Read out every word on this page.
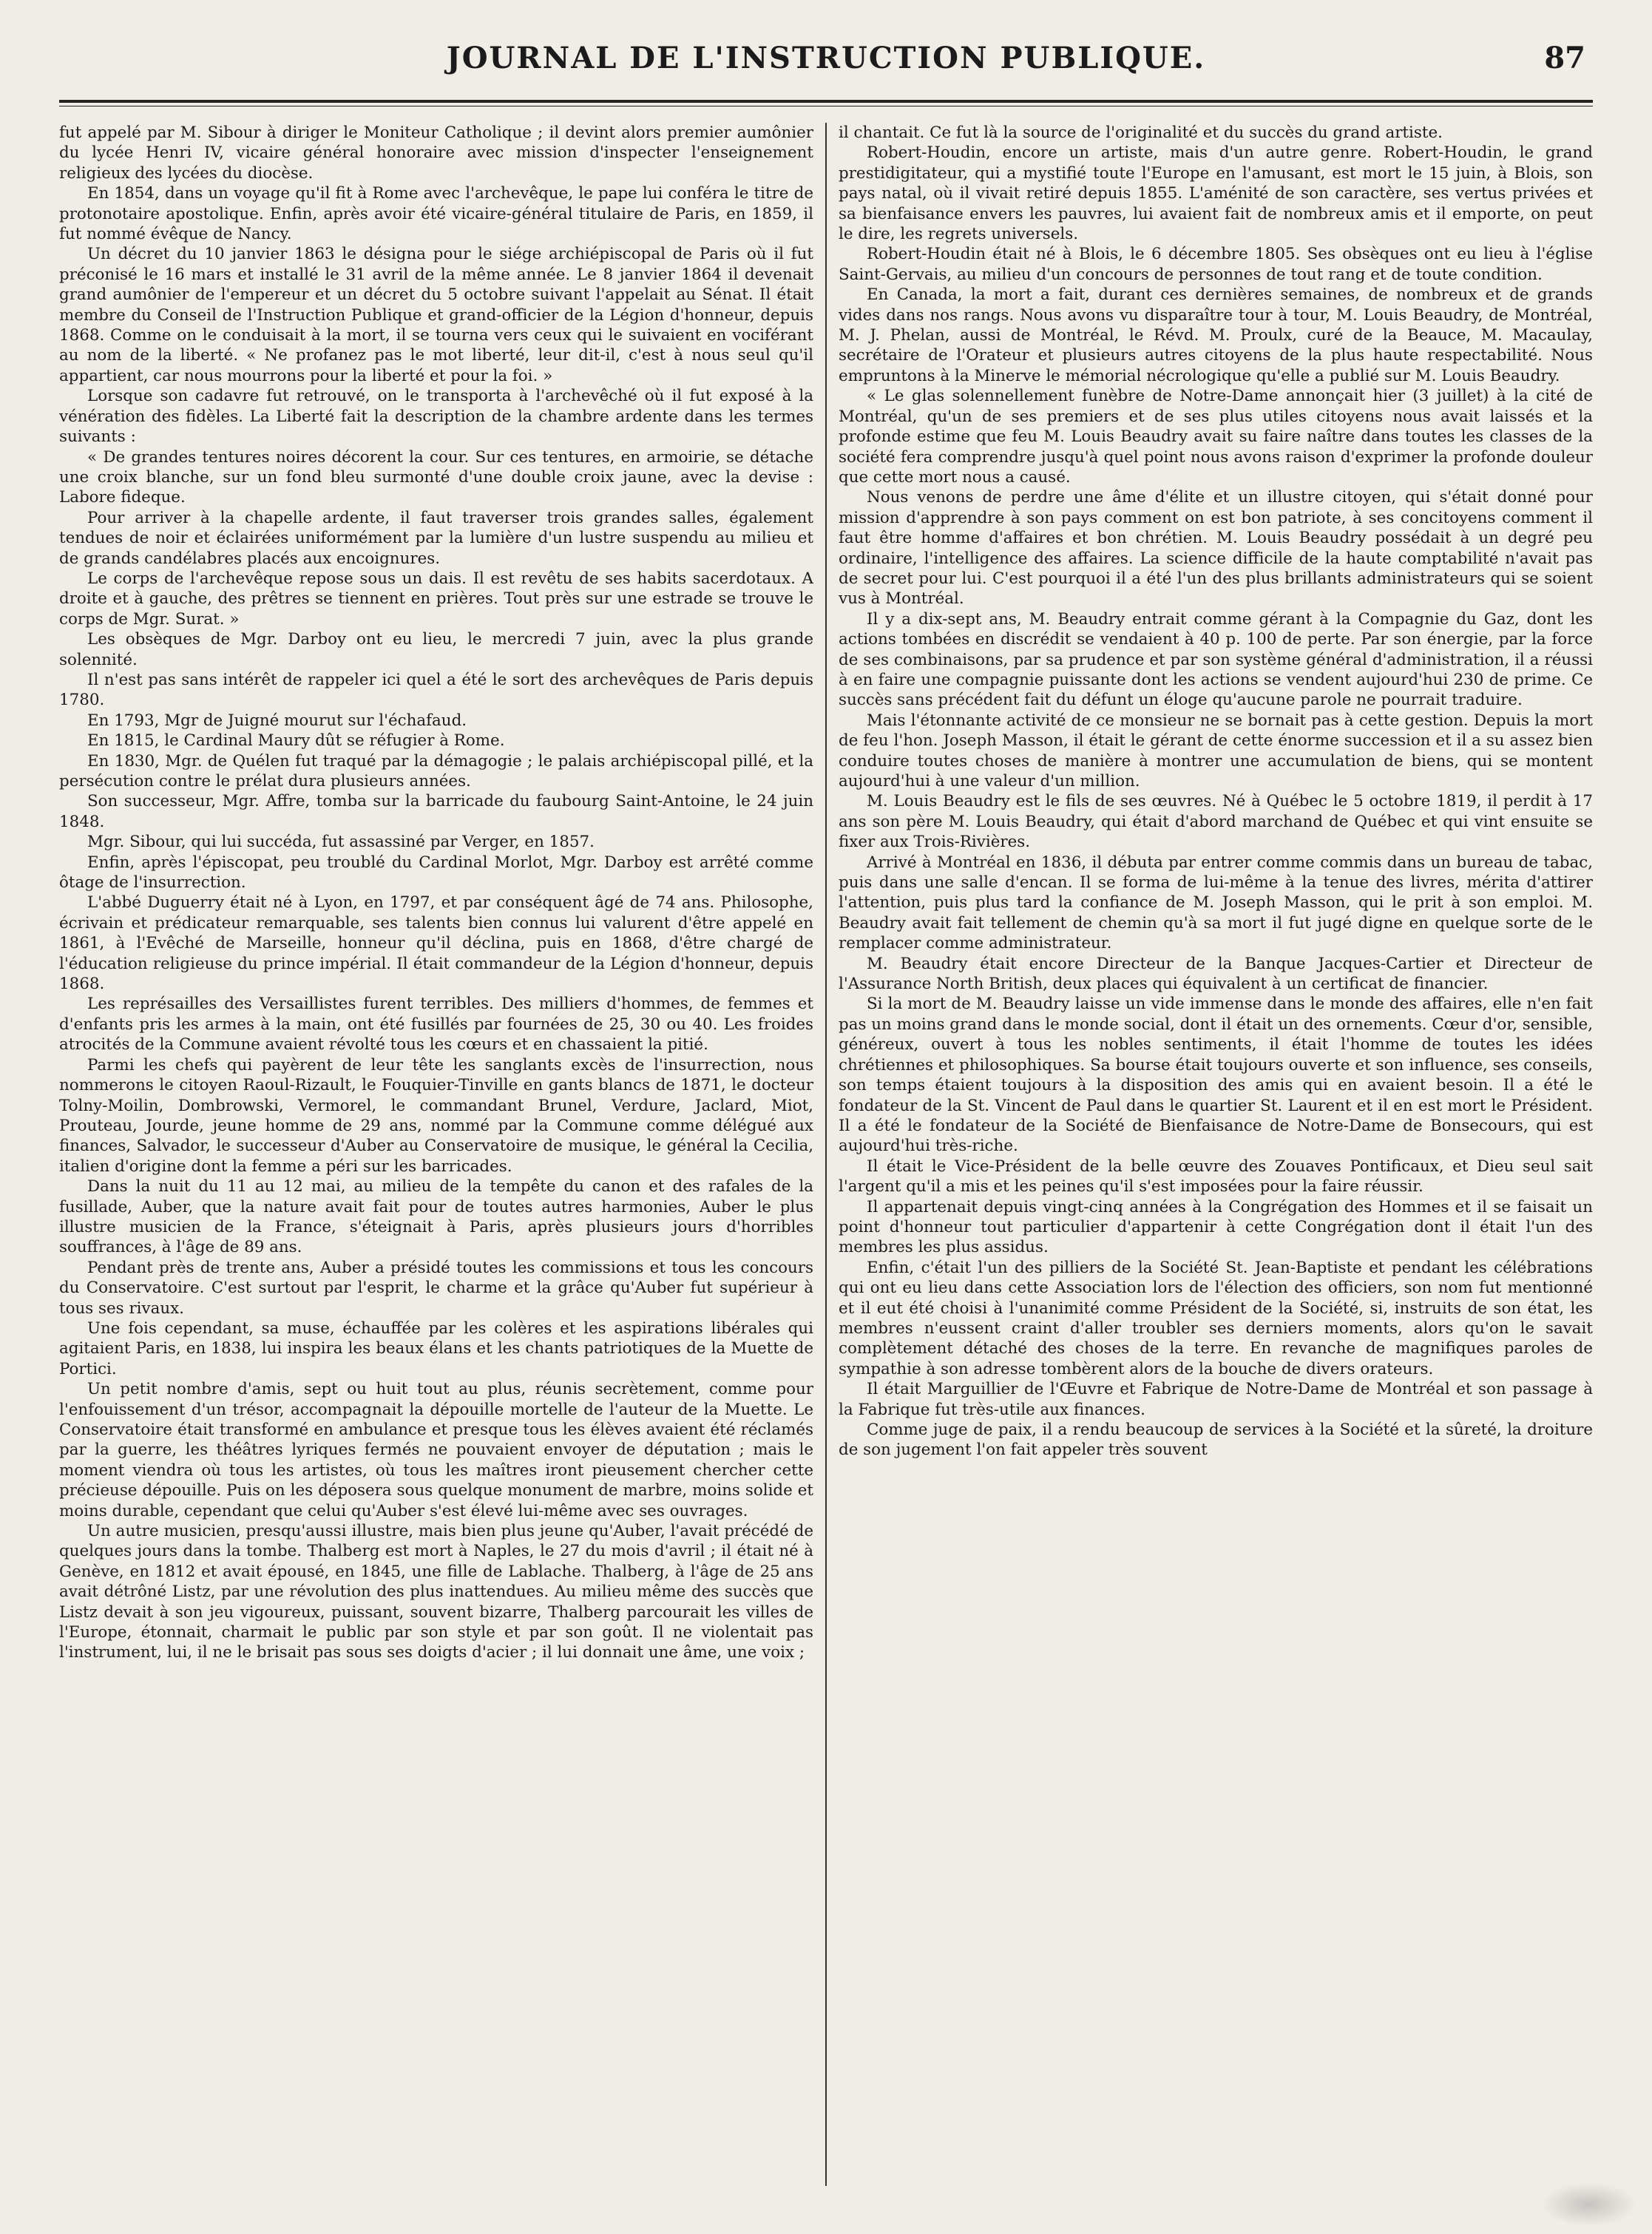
JOURNAL DE L'INSTRUCTION PUBLIQUE.	87

fut appelé par M. Sibour à diriger le Moniteur Catholique ; il devint alors premier aumônier du lycée Henri IV, vicaire général honoraire avec mission d'inspecter l'enseignement religieux des lycées du diocèse.

En 1854, dans un voyage qu'il fit à Rome avec l'archevêque, le pape lui conféra le titre de protonotaire apostolique. Enfin, après avoir été vicaire-général titulaire de Paris, en 1859, il fut nommé évêque de Nancy.

Un décret du 10 janvier 1863 le désigna pour le siége archiépiscopal de Paris où il fut préconisé le 16 mars et installé le 31 avril de la même année. Le 8 janvier 1864 il devenait grand aumônier de l'empereur et un décret du 5 octobre suivant l'appelait au Sénat. Il était membre du Conseil de l'Instruction Publique et grand-officier de la Légion d'honneur, depuis 1868. Comme on le conduisait à la mort, il se tourna vers ceux qui le suivaient en vociférant au nom de la liberté. « Ne profanez pas le mot liberté, leur dit-il, c'est à nous seul qu'il appartient, car nous mourrons pour la liberté et pour la foi. »

Lorsque son cadavre fut retrouvé, on le transporta à l'archevêché où il fut exposé à la vénération des fidèles. La Liberté fait la description de la chambre ardente dans les termes suivants :

« De grandes tentures noires décorent la cour. Sur ces tentures, en armoirie, se détache une croix blanche, sur un fond bleu surmonté d'une double croix jaune, avec la devise : Labore fideque.

Pour arriver à la chapelle ardente, il faut traverser trois grandes salles, également tendues de noir et éclairées uniformément par la lumière d'un lustre suspendu au milieu et de grands candélabres placés aux encoignures.

Le corps de l'archevêque repose sous un dais. Il est revêtu de ses habits sacerdotaux. A droite et à gauche, des prêtres se tiennent en prières. Tout près sur une estrade se trouve le corps de Mgr. Surat. »

Les obsèques de Mgr. Darboy ont eu lieu, le mercredi 7 juin, avec la plus grande solennité.

Il n'est pas sans intérêt de rappeler ici quel a été le sort des archevêques de Paris depuis 1780.

En 1793, Mgr de Juigné mourut sur l'échafaud.

En 1815, le Cardinal Maury dût se réfugier à Rome.

En 1830, Mgr. de Quélen fut traqué par la démagogie ; le palais archiépiscopal pillé, et la persécution contre le prélat dura plusieurs années.

Son successeur, Mgr. Affre, tomba sur la barricade du faubourg Saint-Antoine, le 24 juin 1848.

Mgr. Sibour, qui lui succéda, fut assassiné par Verger, en 1857.

Enfin, après l'épiscopat, peu troublé du Cardinal Morlot, Mgr. Darboy est arrêté comme ôtage de l'insurrection.

L'abbé Duguerry était né à Lyon, en 1797, et par conséquent âgé de 74 ans. Philosophe, écrivain et prédicateur remarquable, ses talents bien connus lui valurent d'être appelé en 1861, à l'Evêché de Marseille, honneur qu'il déclina, puis en 1868, d'être chargé de l'éducation religieuse du prince impérial. Il était commandeur de la Légion d'honneur, depuis 1868.

Les représailles des Versaillistes furent terribles. Des milliers d'hommes, de femmes et d'enfants pris les armes à la main, ont été fusillés par fournées de 25, 30 ou 40. Les froides atrocités de la Commune avaient révolté tous les cœurs et en chassaient la pitié.

Parmi les chefs qui payèrent de leur tête les sanglants excès de l'insurrection, nous nommerons le citoyen Raoul-Rizault, le Fouquier-Tinville en gants blancs de 1871, le docteur Tolny-Moilin, Dombrowski, Vermorel, le commandant Brunel, Verdure, Jaclard, Miot, Prouteau, Jourde, jeune homme de 29 ans, nommé par la Commune comme délégué aux finances, Salvador, le successeur d'Auber au Conservatoire de musique, le général la Cecilia, italien d'origine dont la femme a péri sur les barricades.

Dans la nuit du 11 au 12 mai, au milieu de la tempête du canon et des rafales de la fusillade, Auber, que la nature avait fait pour de toutes autres harmonies, Auber le plus illustre musicien de la France, s'éteignait à Paris, après plusieurs jours d'horribles souffrances, à l'âge de 89 ans.

Pendant près de trente ans, Auber a présidé toutes les commissions et tous les concours du Conservatoire. C'est surtout par l'esprit, le charme et la grâce qu'Auber fut supérieur à tous ses rivaux.

Une fois cependant, sa muse, échauffée par les colères et les aspirations libérales qui agitaient Paris, en 1838, lui inspira les beaux élans et les chants patriotiques de la Muette de Portici.

Un petit nombre d'amis, sept ou huit tout au plus, réunis secrètement, comme pour l'enfouissement d'un trésor, accompagnait la dépouille mortelle de l'auteur de la Muette. Le Conservatoire était transformé en ambulance et presque tous les élèves avaient été réclamés par la guerre, les théâtres lyriques fermés ne pouvaient envoyer de députation ; mais le moment viendra où tous les artistes, où tous les maîtres iront pieusement chercher cette précieuse dépouille. Puis on les déposera sous quelque monument de marbre, moins solide et moins durable, cependant que celui qu'Auber s'est élevé lui-même avec ses ouvrages.

Un autre musicien, presqu'aussi illustre, mais bien plus jeune qu'Auber, l'avait précédé de quelques jours dans la tombe. Thalberg est mort à Naples, le 27 du mois d'avril ; il était né à Genève, en 1812 et avait épousé, en 1845, une fille de Lablache. Thalberg, à l'âge de 25 ans avait détrôné Listz, par une révolution des plus inattendues. Au milieu même des succès que Listz devait à son jeu vigoureux, puissant, souvent bizarre, Thalberg parcourait les villes de l'Europe, étonnait, charmait le public par son style et par son goût. Il ne violentait pas l'instrument, lui, il ne le brisait pas sous ses doigts d'acier ; il lui donnait une âme, une voix ;

il chantait. Ce fut là la source de l'originalité et du succès du grand artiste.

Robert-Houdin, encore un artiste, mais d'un autre genre. Robert-Houdin, le grand prestidigitateur, qui a mystifié toute l'Europe en l'amusant, est mort le 15 juin, à Blois, son pays natal, où il vivait retiré depuis 1855. L'aménité de son caractère, ses vertus privées et sa bienfaisance envers les pauvres, lui avaient fait de nombreux amis et il emporte, on peut le dire, les regrets universels.

Robert-Houdin était né à Blois, le 6 décembre 1805. Ses obsèques ont eu lieu à l'église Saint-Gervais, au milieu d'un concours de personnes de tout rang et de toute condition.

En Canada, la mort a fait, durant ces dernières semaines, de nombreux et de grands vides dans nos rangs. Nous avons vu disparaître tour à tour, M. Louis Beaudry, de Montréal, M. J. Phelan, aussi de Montréal, le Révd. M. Proulx, curé de la Beauce, M. Macaulay, secrétaire de l'Orateur et plusieurs autres citoyens de la plus haute respectabilité. Nous empruntons à la Minerve le mémorial nécrologique qu'elle a publié sur M. Louis Beaudry.

« Le glas solennellement funèbre de Notre-Dame annonçait hier (3 juillet) à la cité de Montréal, qu'un de ses premiers et de ses plus utiles citoyens nous avait laissés et la profonde estime que feu M. Louis Beaudry avait su faire naître dans toutes les classes de la société fera comprendre jusqu'à quel point nous avons raison d'exprimer la profonde douleur que cette mort nous a causé.

Nous venons de perdre une âme d'élite et un illustre citoyen, qui s'était donné pour mission d'apprendre à son pays comment on est bon patriote, à ses concitoyens comment il faut être homme d'affaires et bon chrétien. M. Louis Beaudry possédait à un degré peu ordinaire, l'intelligence des affaires. La science difficile de la haute comptabilité n'avait pas de secret pour lui. C'est pourquoi il a été l'un des plus brillants administrateurs qui se soient vus à Montréal.

Il y a dix-sept ans, M. Beaudry entrait comme gérant à la Compagnie du Gaz, dont les actions tombées en discrédit se vendaient à 40 p. 100 de perte. Par son énergie, par la force de ses combinaisons, par sa prudence et par son système général d'administration, il a réussi à en faire une compagnie puissante dont les actions se vendent aujourd'hui 230 de prime. Ce succès sans précédent fait du défunt un éloge qu'aucune parole ne pourrait traduire.

Mais l'étonnante activité de ce monsieur ne se bornait pas à cette gestion. Depuis la mort de feu l'hon. Joseph Masson, il était le gérant de cette énorme succession et il a su assez bien conduire toutes choses de manière à montrer une accumulation de biens, qui se montent aujourd'hui à une valeur d'un million.

M. Louis Beaudry est le fils de ses œuvres. Né à Québec le 5 octobre 1819, il perdit à 17 ans son père M. Louis Beaudry, qui était d'abord marchand de Québec et qui vint ensuite se fixer aux Trois-Rivières.

Arrivé à Montréal en 1836, il débuta par entrer comme commis dans un bureau de tabac, puis dans une salle d'encan. Il se forma de lui-même à la tenue des livres, mérita d'attirer l'attention, puis plus tard la confiance de M. Joseph Masson, qui le prit à son emploi. M. Beaudry avait fait tellement de chemin qu'à sa mort il fut jugé digne en quelque sorte de le remplacer comme administrateur.

M. Beaudry était encore Directeur de la Banque Jacques-Cartier et Directeur de l'Assurance North British, deux places qui équivalent à un certificat de financier.

Si la mort de M. Beaudry laisse un vide immense dans le monde des affaires, elle n'en fait pas un moins grand dans le monde social, dont il était un des ornements. Cœur d'or, sensible, généreux, ouvert à tous les nobles sentiments, il était l'homme de toutes les idées chrétiennes et philosophiques. Sa bourse était toujours ouverte et son influence, ses conseils, son temps étaient toujours à la disposition des amis qui en avaient besoin. Il a été le fondateur de la St. Vincent de Paul dans le quartier St. Laurent et il en est mort le Président. Il a été le fondateur de la Société de Bienfaisance de Notre-Dame de Bonsecours, qui est aujourd'hui très-riche.

Il était le Vice-Président de la belle œuvre des Zouaves Pontificaux, et Dieu seul sait l'argent qu'il a mis et les peines qu'il s'est imposées pour la faire réussir.

Il appartenait depuis vingt-cinq années à la Congrégation des Hommes et il se faisait un point d'honneur tout particulier d'appartenir à cette Congrégation dont il était l'un des membres les plus assidus.

Enfin, c'était l'un des pilliers de la Société St. Jean-Baptiste et pendant les célébrations qui ont eu lieu dans cette Association lors de l'élection des officiers, son nom fut mentionné et il eut été choisi à l'unanimité comme Président de la Société, si, instruits de son état, les membres n'eussent craint d'aller troubler ses derniers moments, alors qu'on le savait complètement détaché des choses de la terre. En revanche de magnifiques paroles de sympathie à son adresse tombèrent alors de la bouche de divers orateurs.

Il était Marguillier de l'Œuvre et Fabrique de Notre-Dame de Montréal et son passage à la Fabrique fut très-utile aux finances.

Comme juge de paix, il a rendu beaucoup de services à la Société et la sûreté, la droiture de son jugement l'on fait appeler très souvent
